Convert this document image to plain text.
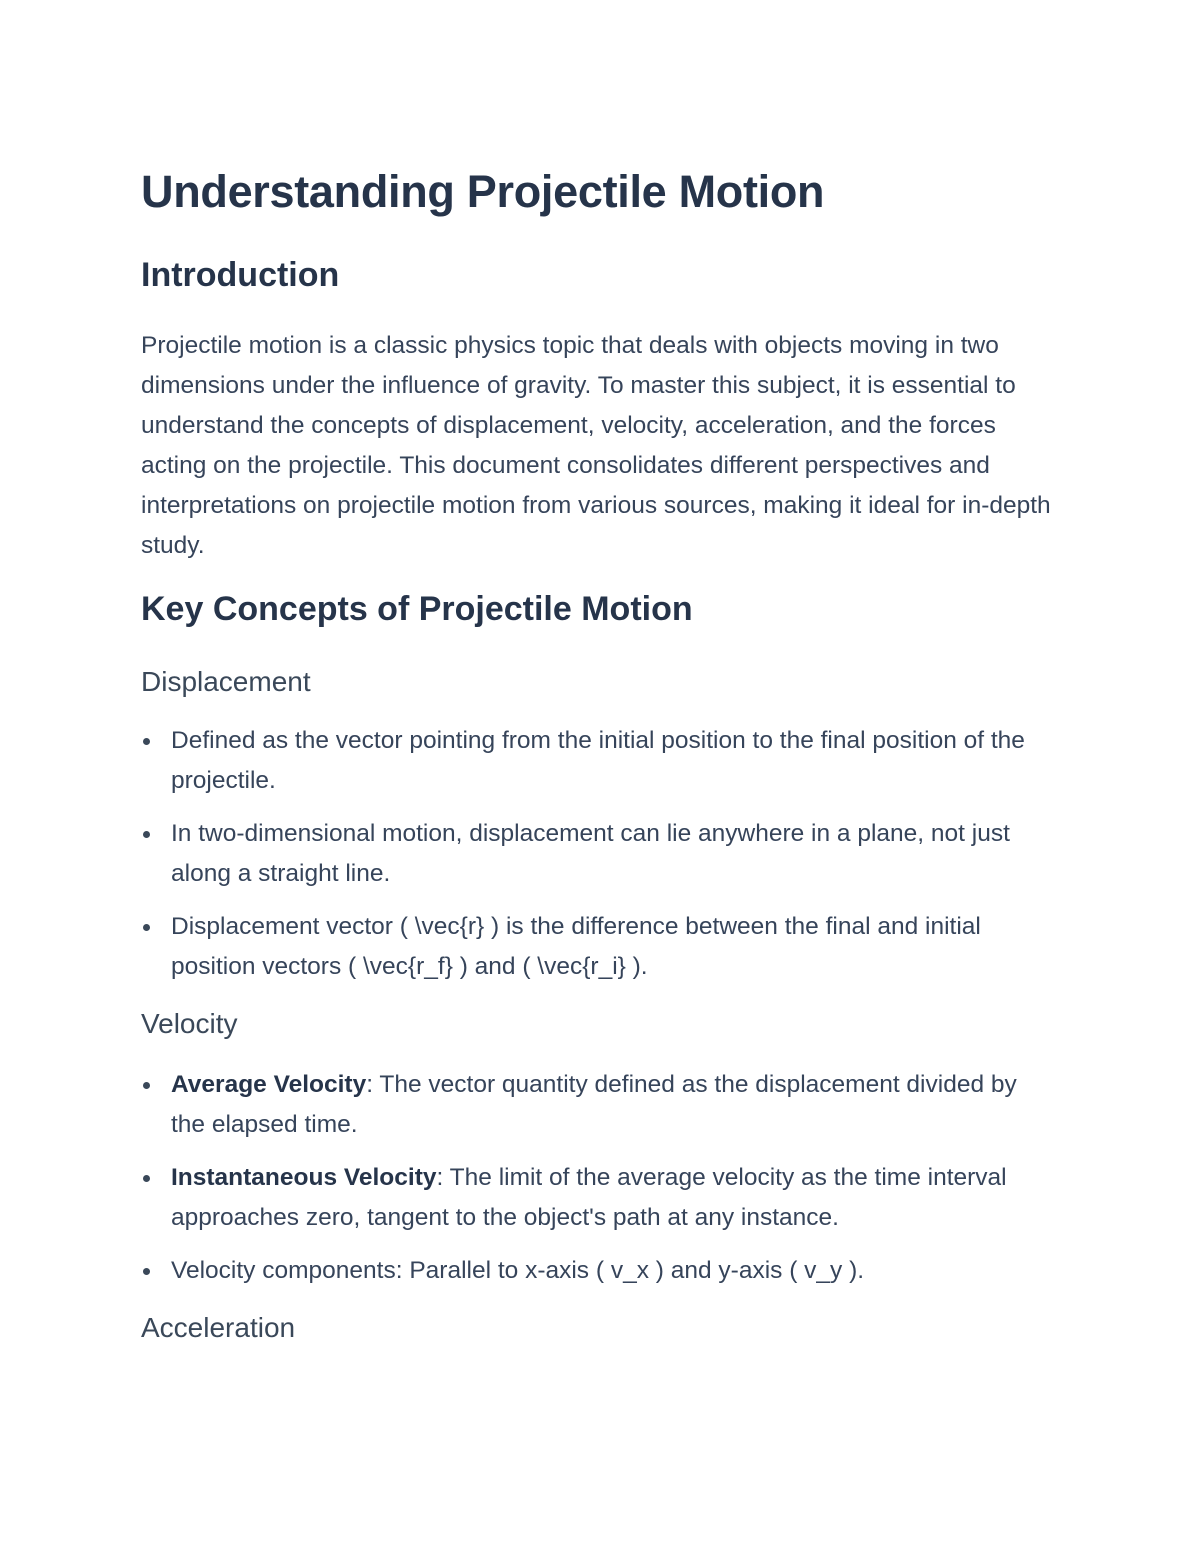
Understanding Projectile Motion
Introduction

Projectile motion is a classic physics topic that deals with objects moving in two dimensions under the influence of gravity. To master this subject, it is essential to understand the concepts of displacement, velocity, acceleration, and the forces acting on the projectile. This document consolidates different perspectives and interpretations on projectile motion from various sources, making it ideal for in-depth study.

Key Concepts of Projectile Motion
Displacement
Defined as the vector pointing from the initial position to the final position of the projectile.
In two-dimensional motion, displacement can lie anywhere in a plane, not just along a straight line.
Displacement vector ( \vec{r} ) is the difference between the final and initial position vectors ( \vec{r_f} ) and ( \vec{r_i} ).
Velocity
Average Velocity: The vector quantity defined as the displacement divided by the elapsed time.
Instantaneous Velocity: The limit of the average velocity as the time interval approaches zero, tangent to the object's path at any instance.
Velocity components: Parallel to x-axis ( v_x ) and y-axis ( v_y ).
Acceleration
